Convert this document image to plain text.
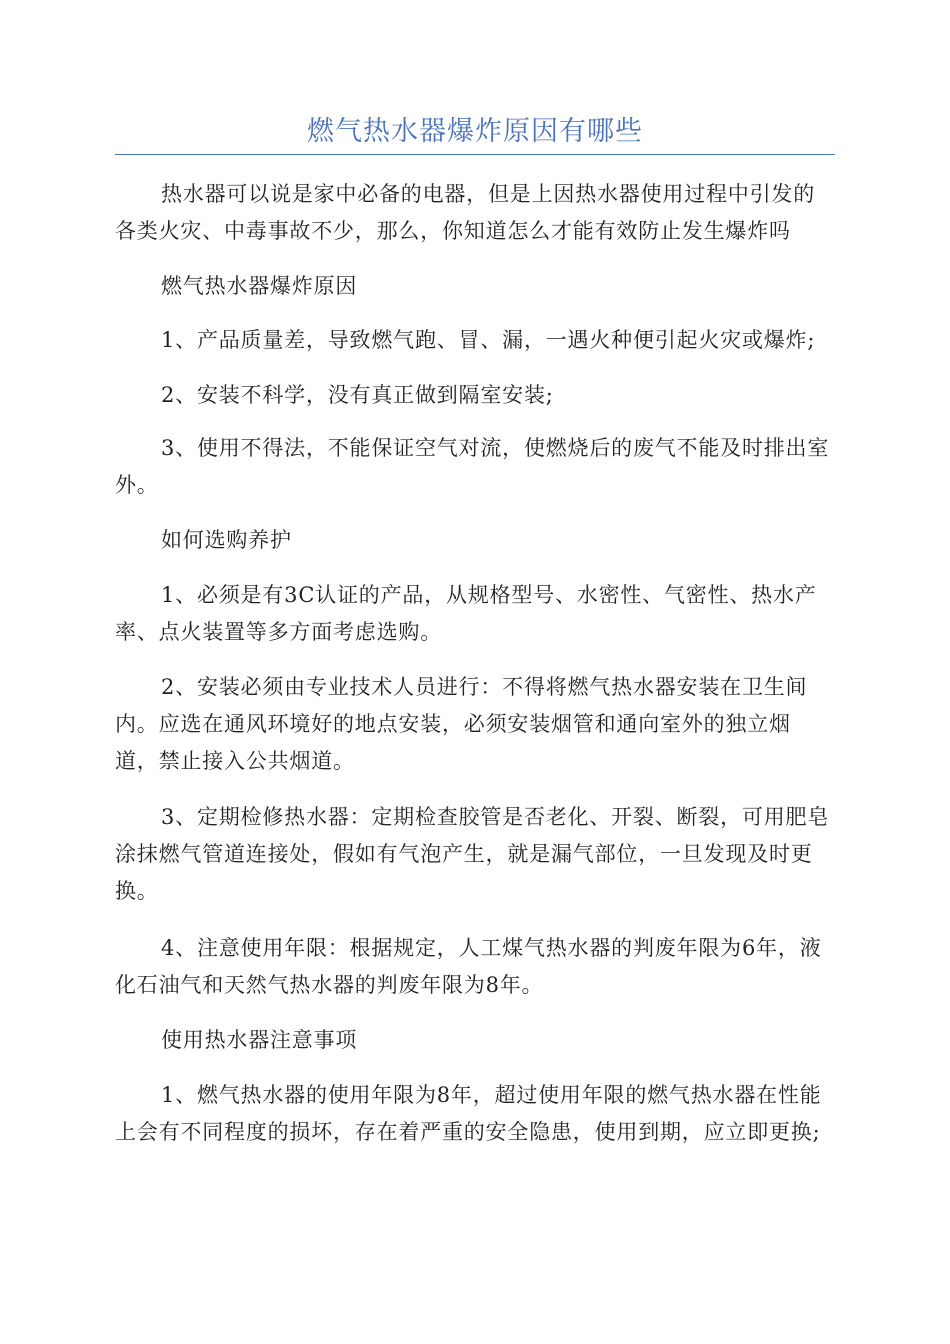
燃气热水器爆炸原因有哪些

热水器可以说是家中必备的电器，但是上因热水器使用过程中引发的各类火灾、中毒事故不少，那么，你知道怎么才能有效防止发生爆炸吗

燃气热水器爆炸原因

1、产品质量差，导致燃气跑、冒、漏，一遇火种便引起火灾或爆炸;

2、安装不科学，没有真正做到隔室安装;

3、使用不得法，不能保证空气对流，使燃烧后的废气不能及时排出室外。

如何选购养护

1、必须是有3C认证的产品，从规格型号、水密性、气密性、热水产率、点火装置等多方面考虑选购。

2、安装必须由专业技术人员进行：不得将燃气热水器安装在卫生间内。应选在通风环境好的地点安装，必须安装烟管和通向室外的独立烟道，禁止接入公共烟道。

3、定期检修热水器：定期检查胶管是否老化、开裂、断裂，可用肥皂涂抹燃气管道连接处，假如有气泡产生，就是漏气部位，一旦发现及时更换。

4、注意使用年限：根据规定，人工煤气热水器的判废年限为6年，液化石油气和天然气热水器的判废年限为8年。

使用热水器注意事项

1、燃气热水器的使用年限为8年，超过使用年限的燃气热水器在性能上会有不同程度的损坏，存在着严重的安全隐患，使用到期，应立即更换;
